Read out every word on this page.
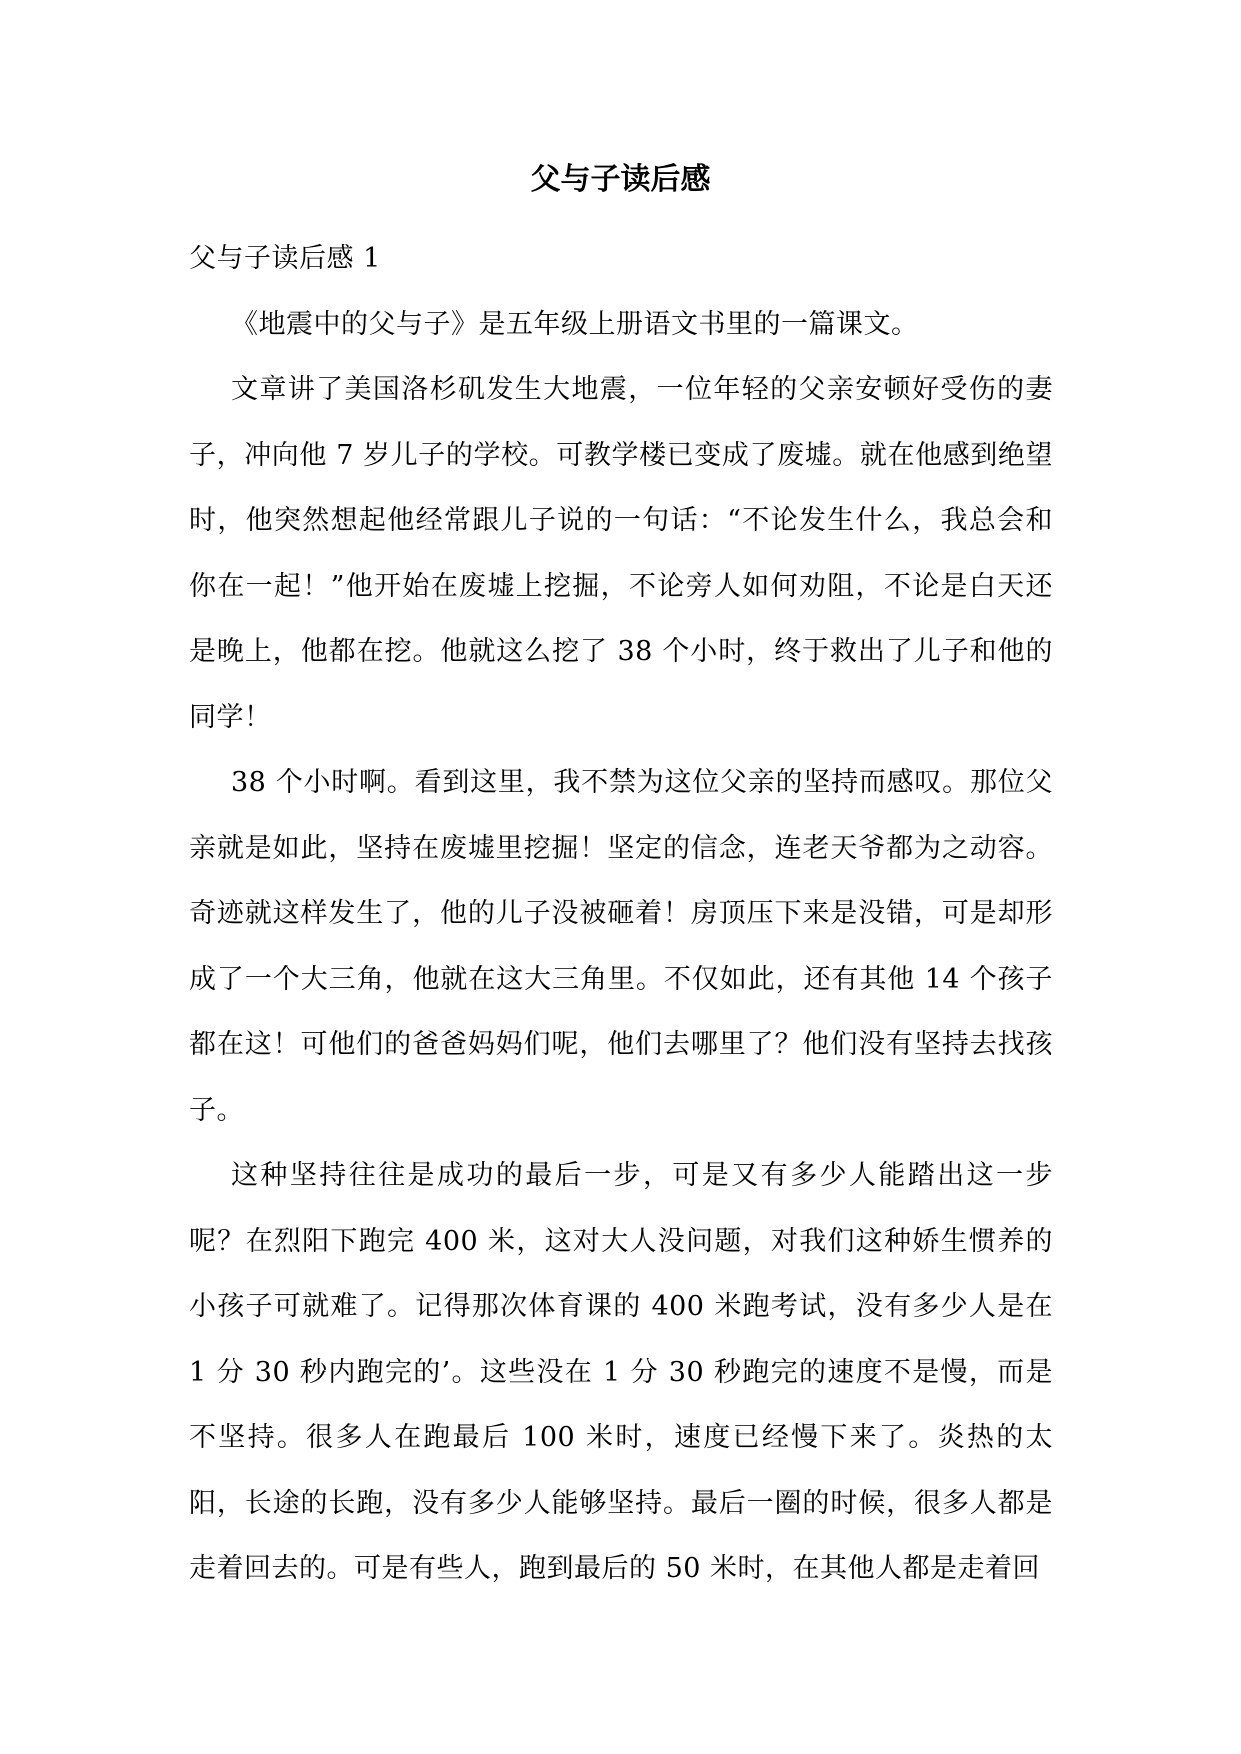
父与子读后感

父与子读后感 1

《地震中的父与子》是五年级上册语文书里的一篇课文。

文章讲了美国洛杉矶发生大地震，一位年轻的父亲安顿好受伤的妻子，冲向他 7 岁儿子的学校。可教学楼已变成了废墟。就在他感到绝望时，他突然想起他经常跟儿子说的一句话：“不论发生什么，我总会和你在一起！”他开始在废墟上挖掘，不论旁人如何劝阻，不论是白天还是晚上，他都在挖。他就这么挖了 38 个小时，终于救出了儿子和他的同学！

38 个小时啊。看到这里，我不禁为这位父亲的坚持而感叹。那位父亲就是如此，坚持在废墟里挖掘！坚定的信念，连老天爷都为之动容。奇迹就这样发生了，他的儿子没被砸着！房顶压下来是没错，可是却形成了一个大三角，他就在这大三角里。不仅如此，还有其他 14 个孩子都在这！可他们的爸爸妈妈们呢，他们去哪里了？他们没有坚持去找孩子。

这种坚持往往是成功的最后一步，可是又有多少人能踏出这一步呢？在烈阳下跑完 400 米，这对大人没问题，对我们这种娇生惯养的小孩子可就难了。记得那次体育课的 400 米跑考试，没有多少人是在 1 分 30 秒内跑完的’。这些没在 1 分 30 秒跑完的速度不是慢，而是不坚持。很多人在跑最后 100 米时，速度已经慢下来了。炎热的太阳，长途的长跑，没有多少人能够坚持。最后一圈的时候，很多人都是走着回去的。可是有些人，跑到最后的 50 米时，在其他人都是走着回
